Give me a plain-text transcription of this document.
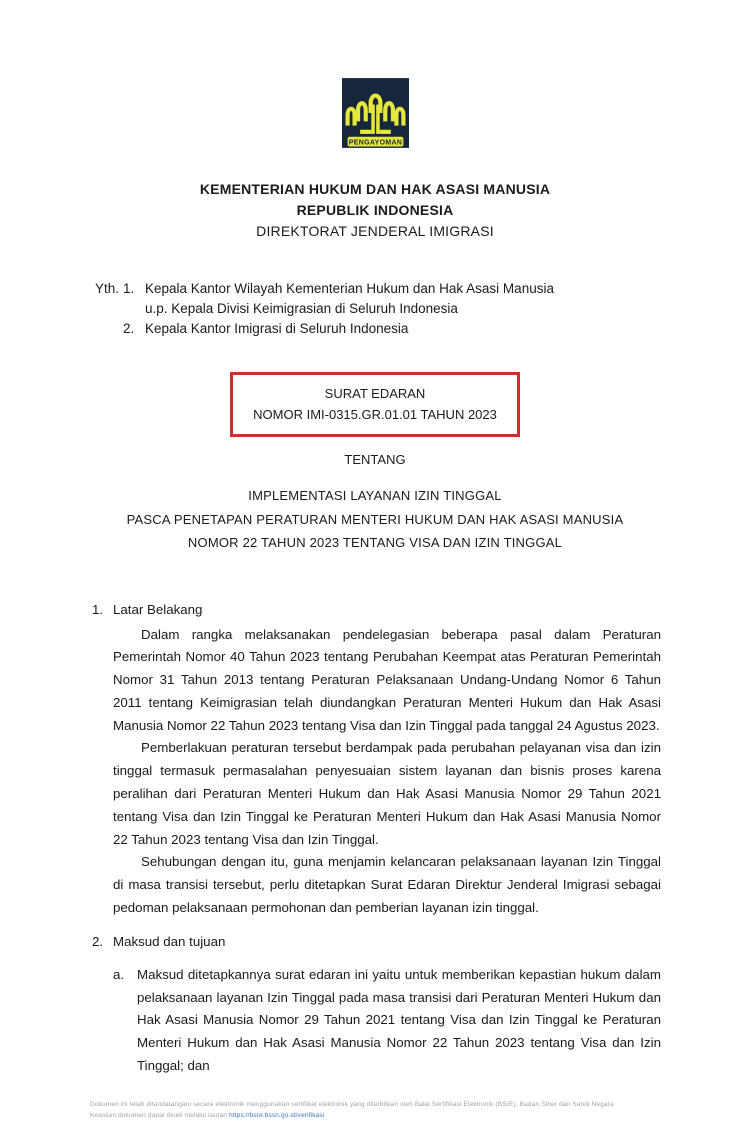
PENGAYOMAN
KEMENTERIAN HUKUM DAN HAK ASASI MANUSIA
REPUBLIK INDONESIA
DIREKTORAT JENDERAL IMIGRASI
Yth. 1. Kepala Kantor Wilayah Kementerian Hukum dan Hak Asasi Manusia
u.p. Kepala Divisi Keimigrasian di Seluruh Indonesia
2. Kepala Kantor Imigrasi di Seluruh Indonesia
SURAT EDARAN
NOMOR IMI-0315.GR.01.01 TAHUN 2023
TENTANG
IMPLEMENTASI LAYANAN IZIN TINGGAL
PASCA PENETAPAN PERATURAN MENTERI HUKUM DAN HAK ASASI MANUSIA
NOMOR 22 TAHUN 2023 TENTANG VISA DAN IZIN TINGGAL
1. Latar Belakang

Dalam rangka melaksanakan pendelegasian beberapa pasal dalam Peraturan Pemerintah Nomor 40 Tahun 2023 tentang Perubahan Keempat atas Peraturan Pemerintah Nomor 31 Tahun 2013 tentang Peraturan Pelaksanaan Undang-Undang Nomor 6 Tahun 2011 tentang Keimigrasian telah diundangkan Peraturan Menteri Hukum dan Hak Asasi Manusia Nomor 22 Tahun 2023 tentang Visa dan Izin Tinggal pada tanggal 24 Agustus 2023.

Pemberlakuan peraturan tersebut berdampak pada perubahan pelayanan visa dan izin tinggal termasuk permasalahan penyesuaian sistem layanan dan bisnis proses karena peralihan dari Peraturan Menteri Hukum dan Hak Asasi Manusia Nomor 29 Tahun 2021 tentang Visa dan Izin Tinggal ke Peraturan Menteri Hukum dan Hak Asasi Manusia Nomor 22 Tahun 2023 tentang Visa dan Izin Tinggal.

Sehubungan dengan itu, guna menjamin kelancaran pelaksanaan layanan Izin Tinggal di masa transisi tersebut, perlu ditetapkan Surat Edaran Direktur Jenderal Imigrasi sebagai pedoman pelaksanaan permohonan dan pemberian layanan izin tinggal.

2. Maksud dan tujuan
a. Maksud ditetapkannya surat edaran ini yaitu untuk memberikan kepastian hukum dalam pelaksanaan layanan Izin Tinggal pada masa transisi dari Peraturan Menteri Hukum dan Hak Asasi Manusia Nomor 29 Tahun 2021 tentang Visa dan Izin Tinggal ke Peraturan Menteri Hukum dan Hak Asasi Manusia Nomor 22 Tahun 2023 tentang Visa dan Izin Tinggal; dan

Dokumen ini telah ditandatangani secara elektronik menggunakan sertifikat elektronik yang diterbitkan oleh Balai Sertifikasi Elektronik (BSrE), Badan Siber dan Sandi Negara
Keaslian dokumen dapat dicek melalui tautan https://bsre.bssn.go.id/verifikasi
